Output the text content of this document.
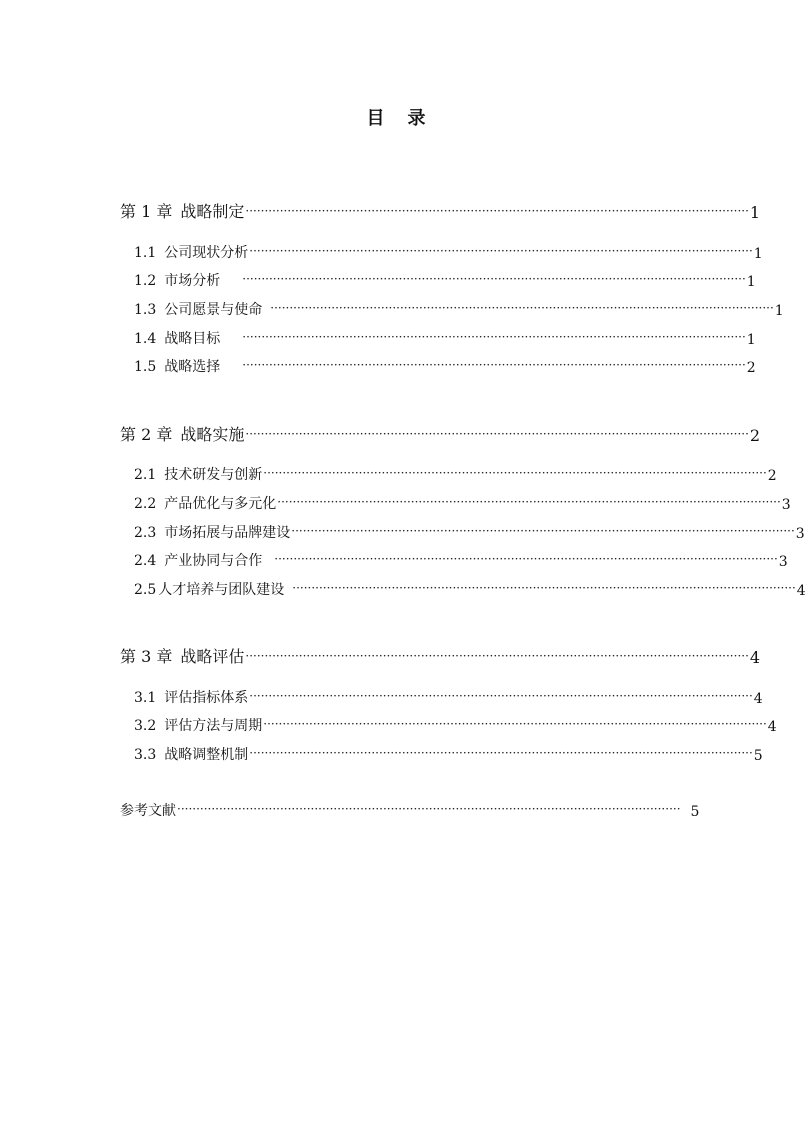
目 录
第 1 章 战略制定 ···································································································································· 1
1.1 公司现状分析 ···································································································································· 1
1.2 市场分析 ···································································································································· 1
1.3 公司愿景与使命 ···································································································································· 1
1.4 战略目标 ···································································································································· 1
1.5 战略选择 ···································································································································· 2
第 2 章 战略实施 ···································································································································· 2
2.1 技术研发与创新 ···································································································································· 2
2.2 产品优化与多元化 ···································································································································· 3
2.3 市场拓展与品牌建设 ···································································································································· 3
2.4 产业协同与合作 ···································································································································· 3
2.5 人才培养与团队建设 ···································································································································· 4
第 3 章 战略评估 ···································································································································· 4
3.1 评估指标体系 ···································································································································· 4
3.2 评估方法与周期 ···································································································································· 4
3.3 战略调整机制 ···································································································································· 5
参考文献 ···································································································································· 5
